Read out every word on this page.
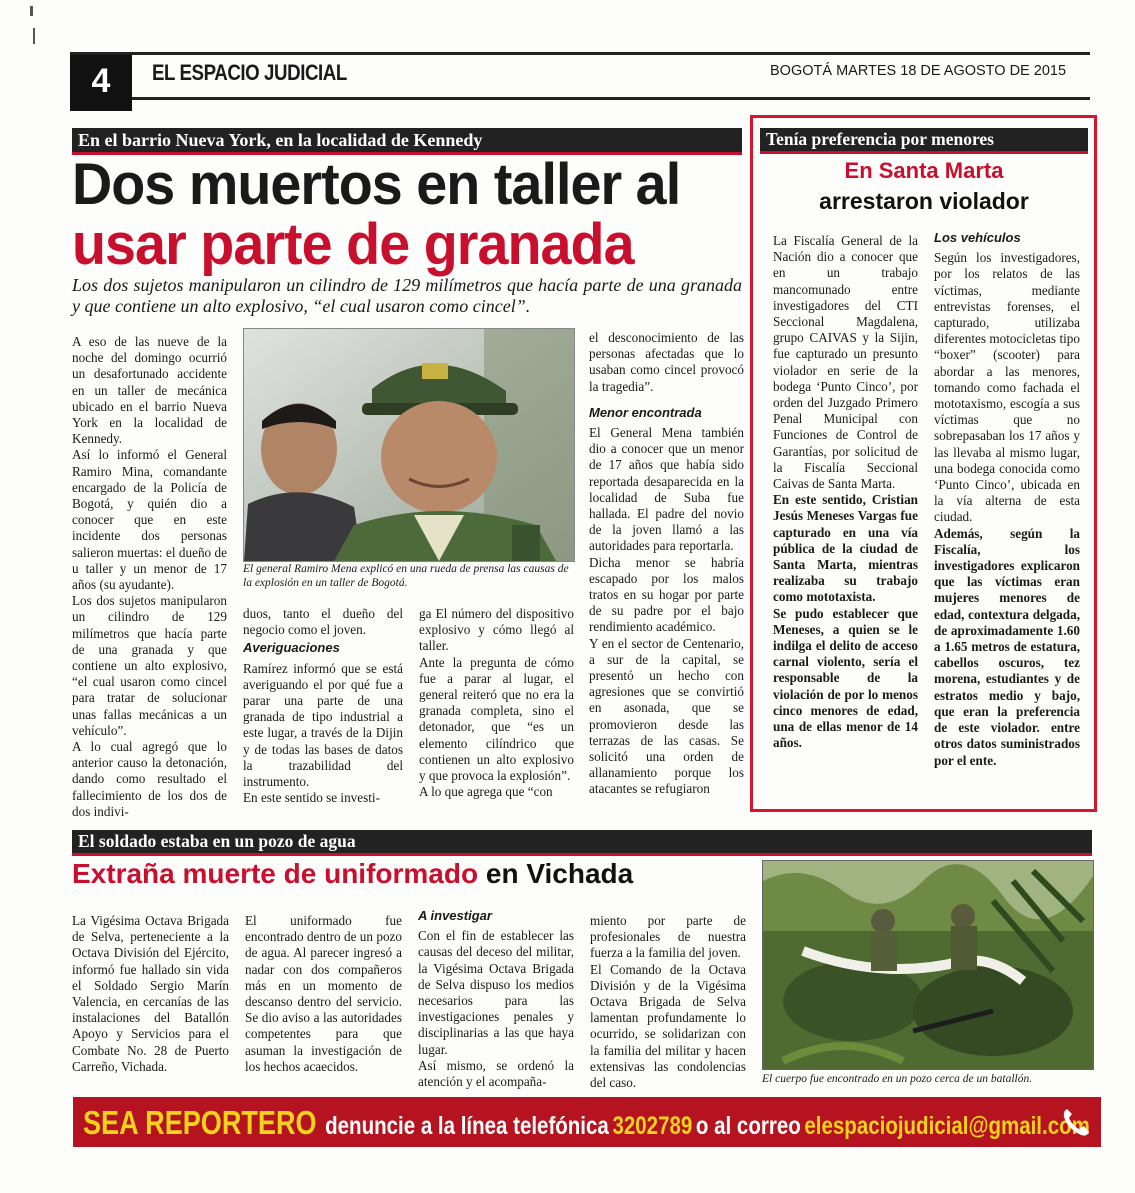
4	EL ESPACIO JUDICIAL	BOGOTÁ MARTES 18 DE AGOSTO DE 2015
En el barrio Nueva York, en la localidad de Kennedy
Dos muertos en taller al
usar parte de granada
Los dos sujetos manipularon un cilindro de 129 milímetros que hacía parte de una granada y que contiene un alto explosivo, “el cual usaron como cincel”.

A eso de las nueve de la noche del domingo ocurrió un desafortunado accidente en un taller de mecánica ubicado en el barrio Nueva York en la localidad de Kennedy.

Así lo informó el General Ramiro Mina, comandante encargado de la Policía de Bogotá, y quién dio a conocer que en este incidente dos personas salieron muertas: el dueño de u taller y un menor de 17 años (su ayudante).

Los dos sujetos manipularon un cilindro de 129 milímetros que hacía parte de una granada y que contiene un alto explosivo, “el cual usaron como cincel para tratar de solucionar unas fallas mecánicas a un vehículo”.

A lo cual agregó que lo anterior causo la detonación, dando como resultado el fallecimiento de los dos de dos indivi-

El general Ramiro Mena explicó en una rueda de prensa las causas de la explosión en un taller de Bogotá.

duos, tanto el dueño del negocio como el joven.

Averiguaciones

Ramírez informó que se está averiguando el por qué fue a parar una parte de una granada de tipo industrial a este lugar, a través de la Dijin y de todas las bases de datos la trazabilidad del instrumento.

En este sentido se investi-

ga El número del dispositivo explosivo y cómo llegó al taller.

Ante la pregunta de cómo fue a parar al lugar, el general reiteró que no era la granada completa, sino el detonador, que “es un elemento cilíndrico que contienen un alto explosivo y que provoca la explosión”.

A lo que agrega que “con

el desconocimiento de las personas afectadas que lo usaban como cincel provocó la tragedia”.

Menor encontrada

El General Mena también dio a conocer que un menor de 17 años que había sido reportada desaparecida en la localidad de Suba fue hallada. El padre del novio de la joven llamó a las autoridades para reportarla.

Dicha menor se habría escapado por los malos tratos en su hogar por parte de su padre por el bajo rendimiento académico.

Y en el sector de Centenario, a sur de la capital, se presentó un hecho con agresiones que se convirtió en asonada, que se promovieron desde las terrazas de las casas. Se solicitó una orden de allanamiento porque los atacantes se refugiaron

Tenía preferencia por menores
En Santa Marta
arrestaron violador

La Fiscalía General de la Nación dio a conocer que en un trabajo mancomunado entre investigadores del CTI Seccional Magdalena, grupo CAIVAS y la Sijin, fue capturado un presunto violador en serie de la bodega ‘Punto Cinco’, por orden del Juzgado Primero Penal Municipal con Funciones de Control de Garantías, por solicitud de la Fiscalía Seccional Caivas de Santa Marta.

En este sentido, Cristian Jesús Meneses Vargas fue capturado en una vía pública de la ciudad de Santa Marta, mientras realizaba su trabajo como mototaxista.

Se pudo establecer que Meneses, a quien se le indilga el delito de acceso carnal violento, sería el responsable de la violación de por lo menos cinco menores de edad, una de ellas menor de 14 años.

Los vehículos

Según los investigadores, por los relatos de las víctimas, mediante entrevistas forenses, el capturado, utilizaba diferentes motocicletas tipo “boxer” (scooter) para abordar a las menores, tomando como fachada el mototaxismo, escogía a sus víctimas que no sobrepasaban los 17 años y las llevaba al mismo lugar, una bodega conocida como ‘Punto Cinco’, ubicada en la vía alterna de esta ciudad.

Además, según la Fiscalía, los investigadores explicaron que las víctimas eran mujeres menores de edad, contextura delgada, de aproximadamente 1.60 a 1.65 metros de estatura, cabellos oscuros, tez morena, estudiantes y de estratos medio y bajo, que eran la preferencia de este violador. entre otros datos suministrados por el ente.

El soldado estaba en un pozo de agua
Extraña muerte de uniformado en Vichada

La Vigésima Octava Brigada de Selva, perteneciente a la Octava División del Ejército, informó fue hallado sin vida el Soldado Sergio Marín Valencia, en cercanías de las instalaciones del Batallón Apoyo y Servicios para el Combate No. 28 de Puerto Carreño, Vichada.

El uniformado fue encontrado dentro de un pozo de agua. Al parecer ingresó a nadar con dos compañeros más en un momento de descanso dentro del servicio. Se dio aviso a las autoridades competentes para que asuman la investigación de los hechos acaecidos.

A investigar

Con el fin de establecer las causas del deceso del militar, la Vigésima Octava Brigada de Selva dispuso los medios necesarios para las investigaciones penales y disciplinarias a las que haya lugar.

Así mismo, se ordenó la atención y el acompaña-

miento por parte de profesionales de nuestra fuerza a la familia del joven.

El Comando de la Octava División y de la Vigésima Octava Brigada de Selva lamentan profundamente lo ocurrido, se solidarizan con la familia del militar y hacen extensivas las condolencias del caso.	El cuerpo fue encontrado en un pozo cerca de un batallón.
SEA REPORTERO denuncie a la línea telefónica 3202789 o al correo elespaciojudicial@gmail.com
